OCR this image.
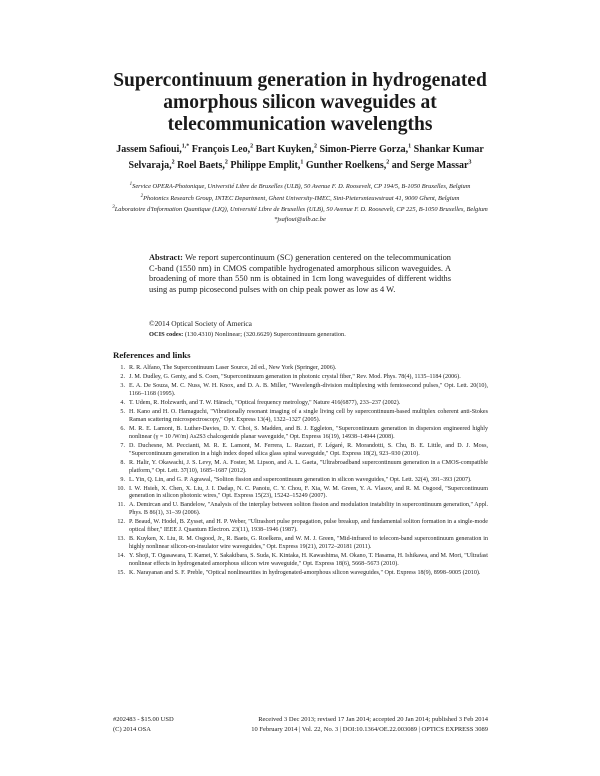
Supercontinuum generation in hydrogenated
amorphous silicon waveguides at
telecommunication wavelengths
Jassem Safioui,$^{1,*}$ François Leo,$^2$ Bart Kuyken,$^2$ Simon-Pierre Gorza,$^1$ Shankar Kumar Selvaraja,$^2$ Roel Baets,$^2$ Philippe Emplit,$^1$ Gunther Roelkens,$^2$ and Serge Massar$^3$
$^1$Service OPERA-Photonique, Université Libre de Bruxelles (ULB), 50 Avenue F. D. Roosevelt, CP 194/5, B-1050 Bruxelles, Belgium
$^2$Photonics Research Group, INTEC Department, Ghent University-IMEC, Sint-Pietersnieuwstraat 41, 9000 Ghent, Belgium
$^3$Laboratoire d'Information Quantique (LIQ), Université Libre de Bruxelles (ULB), 50 Avenue F. D. Roosevelt, CP 225, B-1050 Bruxelles, Belgium
*jsafioui@ulb.ac.be
Abstract: We report supercontinuum (SC) generation centered on the telecommunication C-band (1550 nm) in CMOS compatible hydrogenated amorphous silicon waveguides. A broadening of more than 550 nm is obtained in 1cm long waveguides of different widths using as pump picosecond pulses with on chip peak power as low as 4 W.
©2014 Optical Society of America
OCIS codes: (130.4310) Nonlinear; (320.6629) Supercontinuum generation.
References and links
1. R. R. Alfano, The Supercontinuum Laser Source, 2d ed., New York (Springer, 2006).
2. J. M. Dudley, G. Genty, and S. Coen, "Supercontinuum generation in photonic crystal fiber," Rev. Mod. Phys. 78(4), 1135–1184 (2006).
3. E. A. De Souza, M. C. Nuss, W. H. Knox, and D. A. B. Miller, "Wavelength-division multiplexing with femtosecond pulses," Opt. Lett. 20(10), 1166–1168 (1995).
4. T. Udem, R. Holzwarth, and T. W. Hänsch, "Optical frequency metrology," Nature 416(6877), 233–237 (2002).
5. H. Kano and H. O. Hamaguchi, "Vibrationally resonant imaging of a single living cell by supercontinuum-based multiplex coherent anti-Stokes Raman scattering microspectroscopy," Opt. Express 13(4), 1322–1327 (2005).
6. M. R. E. Lamont, B. Luther-Davies, D. Y. Choi, S. Madden, and B. J. Eggleton, "Supercontinuum generation in dispersion engineered highly nonlinear (γ = 10 /W/m) As2S3 chalcogenide planar waveguide," Opt. Express 16(19), 14938–14944 (2008).
7. D. Duchesne, M. Peccianti, M. R. E. Lamont, M. Ferrera, L. Razzari, F. Légaré, R. Morandotti, S. Chu, B. E. Little, and D. J. Moss, "Supercontinuum generation in a high index doped silica glass spiral waveguide," Opt. Express 18(2), 923–930 (2010).
8. R. Halir, Y. Okawachi, J. S. Levy, M. A. Foster, M. Lipson, and A. L. Gaeta, "Ultrabroadband supercontinuum generation in a CMOS-compatible platform," Opt. Lett. 37(10), 1685–1687 (2012).
9. L. Yin, Q. Lin, and G. P. Agrawal, "Soliton fission and supercontinuum generation in silicon waveguides," Opt. Lett. 32(4), 391–393 (2007).
10. I. W. Hsieh, X. Chen, X. Liu, J. I. Dadap, N. C. Panoiu, C. Y. Chou, F. Xia, W. M. Green, Y. A. Vlasov, and R. M. Osgood, "Supercontinuum generation in silicon photonic wires," Opt. Express 15(23), 15242–15249 (2007).
11. A. Demircan and U. Bandelow, "Analysis of the interplay between soliton fission and modulation instability in supercontinuum generation," Appl. Phys. B 86(1), 31–39 (2006).
12. P. Beaud, W. Hodel, B. Zysset, and H. P. Weber, "Ultrashort pulse propagation, pulse breakup, and fundamental soliton formation in a single-mode optical fiber," IEEE J. Quantum Electron. 23(11), 1938–1946 (1987).
13. B. Kuyken, X. Liu, R. M. Osgood, Jr., R. Baets, G. Roelkens, and W. M. J. Green, "Mid-infrared to telecom-band supercontinuum generation in highly nonlinear silicon-on-insulator wire waveguides," Opt. Express 19(21), 20172–20181 (2011).
14. Y. Shoji, T. Ogasawara, T. Kamei, Y. Sakakibara, S. Suda, K. Kintaka, H. Kawashima, M. Okano, T. Hasama, H. Ishikawa, and M. Mori, "Ultrafast nonlinear effects in hydrogenated amorphous silicon wire waveguide," Opt. Express 18(6), 5668–5673 (2010).
15. K. Narayanan and S. F. Preble, "Optical nonlinearities in hydrogenated-amorphous silicon waveguides," Opt. Express 18(9), 8998–9005 (2010).
#202483 - $15.00 USD
(C) 2014 OSA
Received 3 Dec 2013; revised 17 Jan 2014; accepted 20 Jan 2014; published 3 Feb 2014
10 February 2014 | Vol. 22, No. 3 | DOI:10.1364/OE.22.003089 | OPTICS EXPRESS 3089
